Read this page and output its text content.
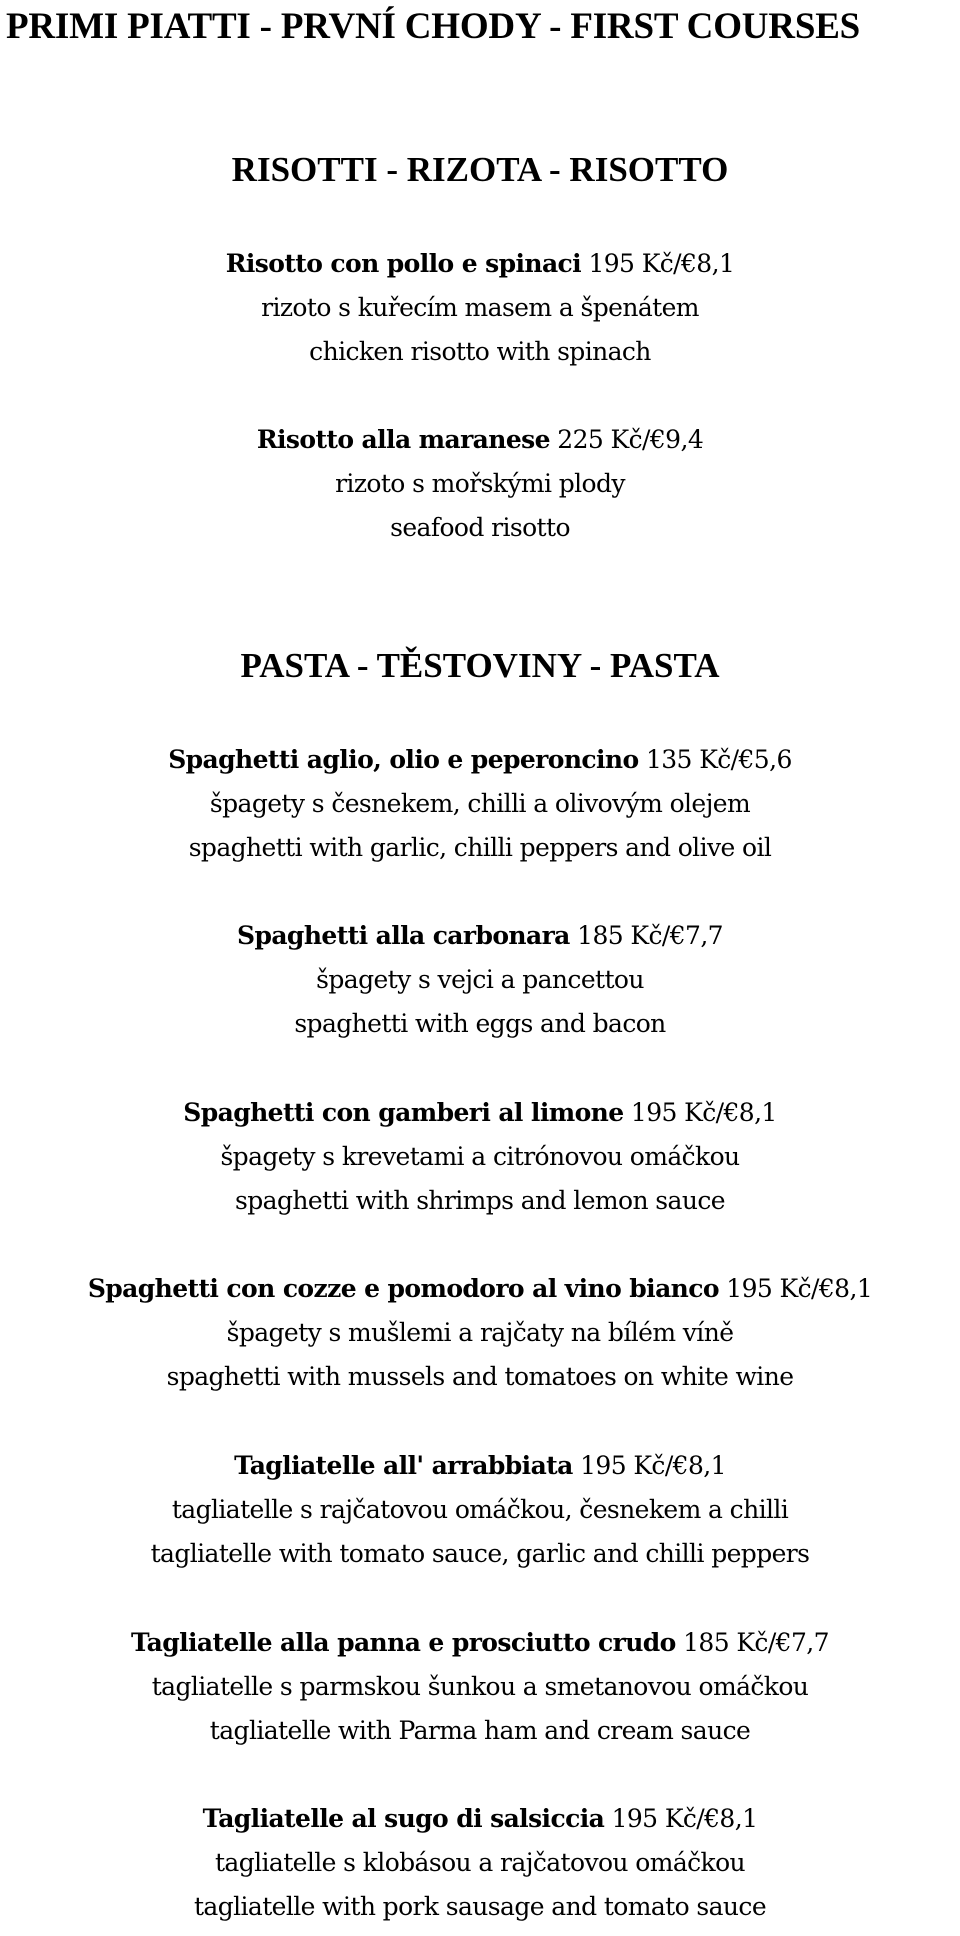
PRIMI PIATTI - PRVNÍ CHODY - FIRST COURSES
RISOTTI - RIZOTA - RISOTTO
Risotto con pollo e spinaci 195 Kč/€8,1
rizoto s kuřecím masem a špenátem
chicken risotto with spinach
Risotto alla maranese 225 Kč/€9,4
rizoto s mořskými plody
seafood risotto
PASTA - TĚSTOVINY - PASTA
Spaghetti aglio, olio e peperoncino 135 Kč/€5,6
špagety s česnekem, chilli a olivovým olejem
spaghetti with garlic, chilli peppers and olive oil
Spaghetti alla carbonara 185 Kč/€7,7
špagety s vejci a pancettou
spaghetti with eggs and bacon
Spaghetti con gamberi al limone 195 Kč/€8,1
špagety s krevetami a citrónovou omáčkou
spaghetti with shrimps and lemon sauce
Spaghetti con cozze e pomodoro al vino bianco 195 Kč/€8,1
špagety s mušlemi a rajčaty na bílém víně
spaghetti with mussels and tomatoes on white wine
Tagliatelle all' arrabbiata 195 Kč/€8,1
tagliatelle s rajčatovou omáčkou, česnekem a chilli
tagliatelle with tomato sauce, garlic and chilli peppers
Tagliatelle alla panna e prosciutto crudo 185 Kč/€7,7
tagliatelle s parmskou šunkou a smetanovou omáčkou
tagliatelle with Parma ham and cream sauce
Tagliatelle al sugo di salsiccia 195 Kč/€8,1
tagliatelle s klobásou a rajčatovou omáčkou
tagliatelle with pork sausage and tomato sauce
